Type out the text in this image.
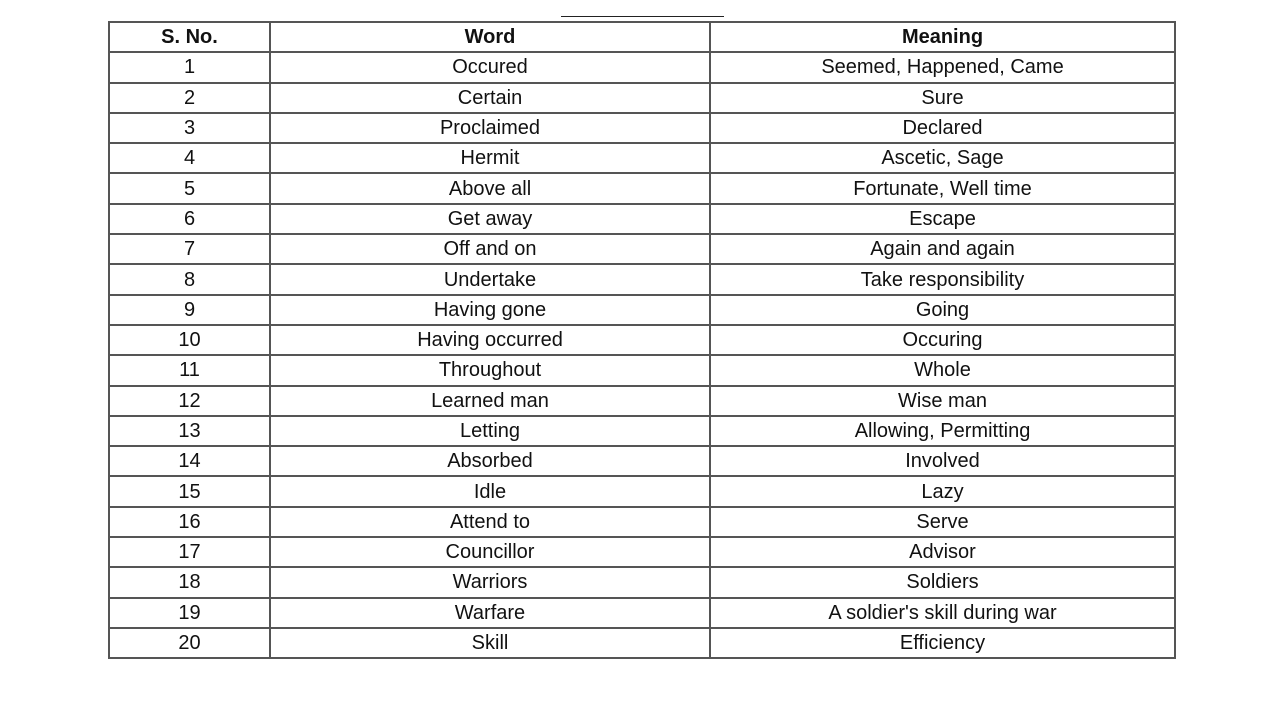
S. No.	Word	Meaning
1	Occured	Seemed, Happened, Came
2	Certain	Sure
3	Proclaimed	Declared
4	Hermit	Ascetic, Sage
5	Above all	Fortunate, Well time
6	Get away	Escape
7	Off and on	Again and again
8	Undertake	Take responsibility
9	Having gone	Going
10	Having occurred	Occuring
11	Throughout	Whole
12	Learned man	Wise man
13	Letting	Allowing, Permitting
14	Absorbed	Involved
15	Idle	Lazy
16	Attend to	Serve
17	Councillor	Advisor
18	Warriors	Soldiers
19	Warfare	A soldier's skill during war
20	Skill	Efficiency
